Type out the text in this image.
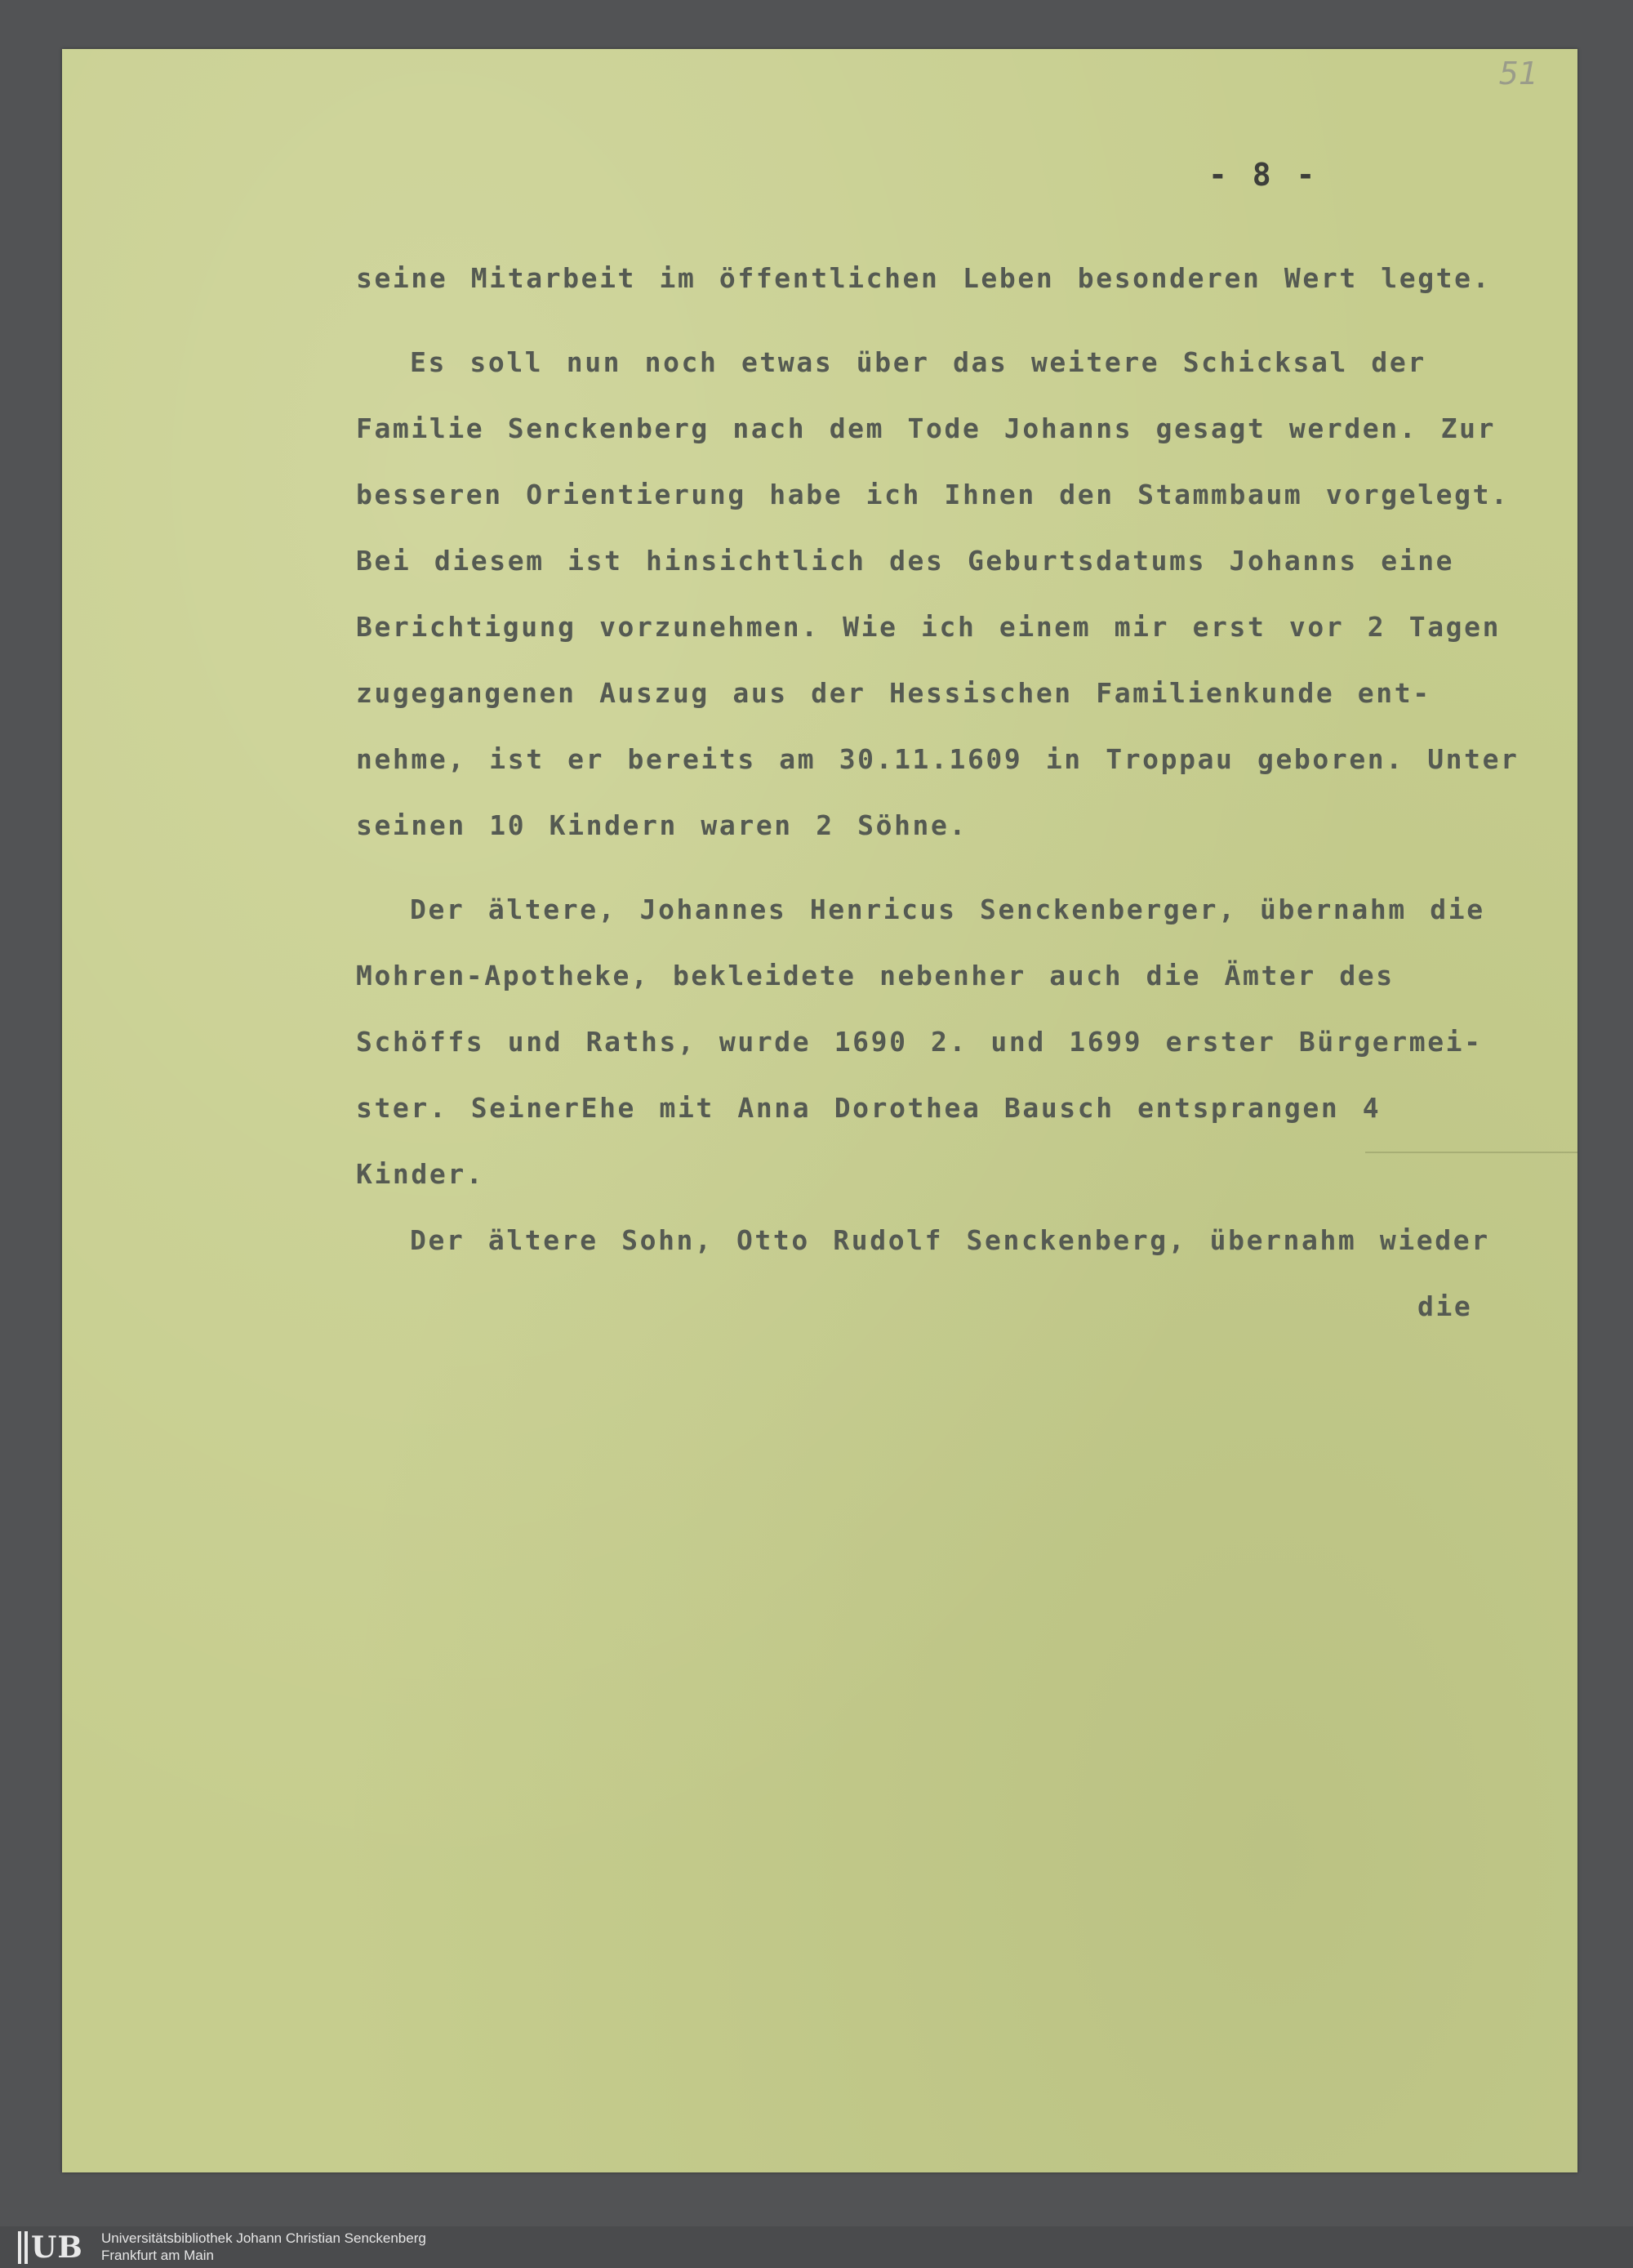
51
- 8 -
seine Mitarbeit im öffentlichen Leben besonderen Wert legte.
Es soll nun noch etwas über das weitere Schicksal der
Familie Senckenberg nach dem Tode Johanns gesagt werden. Zur
besseren Orientierung habe ich Ihnen den Stammbaum vorgelegt.
Bei diesem ist hinsichtlich des Geburtsdatums Johanns eine
Berichtigung vorzunehmen. Wie ich einem mir erst vor 2 Tagen
zugegangenen Auszug aus der Hessischen Familienkunde ent-
nehme, ist er bereits am 30.11.1609 in Troppau geboren. Unter
seinen 10 Kindern waren 2 Söhne.
Der ältere, Johannes Henricus Senckenberger, übernahm die
Mohren-Apotheke, bekleidete nebenher auch die Ämter des
Schöffs und Raths, wurde 1690 2. und 1699 erster Bürgermei-
ster. SeinerEhe mit Anna Dorothea Bausch entsprangen 4
Kinder.
Der ältere Sohn, Otto Rudolf Senckenberg, übernahm wieder
die
UB Universitätsbibliothek Johann Christian Senckenberg
Frankfurt am Main
